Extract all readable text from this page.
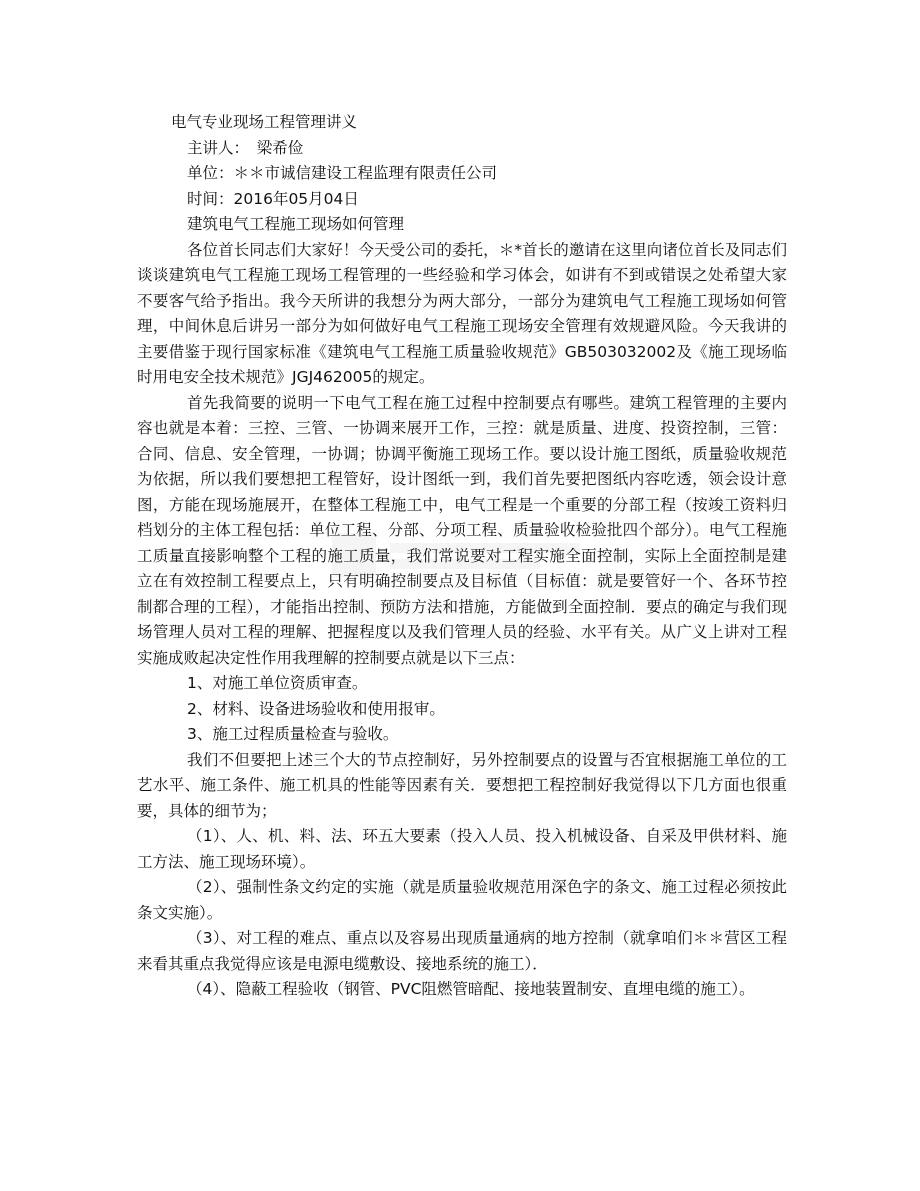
电气专业现场工程管理讲义
主讲人：　梁希俭
单位：＊＊市诚信建设工程监理有限责任公司
时间：2016年05月04日
建筑电气工程施工现场如何管理

各位首长同志们大家好！今天受公司的委托，＊*首长的邀请在这里向诸位首长及同志们谈谈建筑电气工程施工现场工程管理的一些经验和学习体会，如讲有不到或错误之处希望大家不要客气给予指出。我今天所讲的我想分为两大部分，一部分为建筑电气工程施工现场如何管理，中间休息后讲另一部分为如何做好电气工程施工现场安全管理有效规避风险。今天我讲的主要借鉴于现行国家标准《建筑电气工程施工质量验收规范》GB503032002及《施工现场临时用电安全技术规范》JGJ462005的规定。

首先我简要的说明一下电气工程在施工过程中控制要点有哪些。建筑工程管理的主要内容也就是本着：三控、三管、一协调来展开工作，三控：就是质量、进度、投资控制，三管：合同、信息、安全管理，一协调；协调平衡施工现场工作。要以设计施工图纸，质量验收规范为依据，所以我们要想把工程管好，设计图纸一到，我们首先要把图纸内容吃透，领会设计意图，方能在现场施展开，在整体工程施工中，电气工程是一个重要的分部工程（按竣工资料归档划分的主体工程包括：单位工程、分部、分项工程、质量验收检验批四个部分）。电气工程施工质量直接影响整个工程的施工质量，我们常说要对工程实施全面控制，实际上全面控制是建立在有效控制工程要点上，只有明确控制要点及目标值（目标值：就是要管好一个、各环节控制都合理的工程），才能指出控制、预防方法和措施，方能做到全面控制．要点的确定与我们现场管理人员对工程的理解、把握程度以及我们管理人员的经验、水平有关。从广义上讲对工程实施成败起决定性作用我理解的控制要点就是以下三点：

1、对施工单位资质审查。
2、材料、设备进场验收和使用报审。
3、施工过程质量检查与验收。

我们不但要把上述三个大的节点控制好，另外控制要点的设置与否宜根据施工单位的工艺水平、施工条件、施工机具的性能等因素有关．要想把工程控制好我觉得以下几方面也很重要，具体的细节为；

（1）、人、机、料、法、环五大要素（投入人员、投入机械设备、自采及甲供材料、施工方法、施工现场环境）。

（2）、强制性条文约定的实施（就是质量验收规范用深色字的条文、施工过程必须按此条文实施）。

（3）、对工程的难点、重点以及容易出现质量通病的地方控制（就拿咱们＊＊营区工程来看其重点我觉得应该是电源电缆敷设、接地系统的施工）．

（4）、隐蔽工程验收（钢管、PVC阻燃管暗配、接地装置制安、直埋电缆的施工）。
